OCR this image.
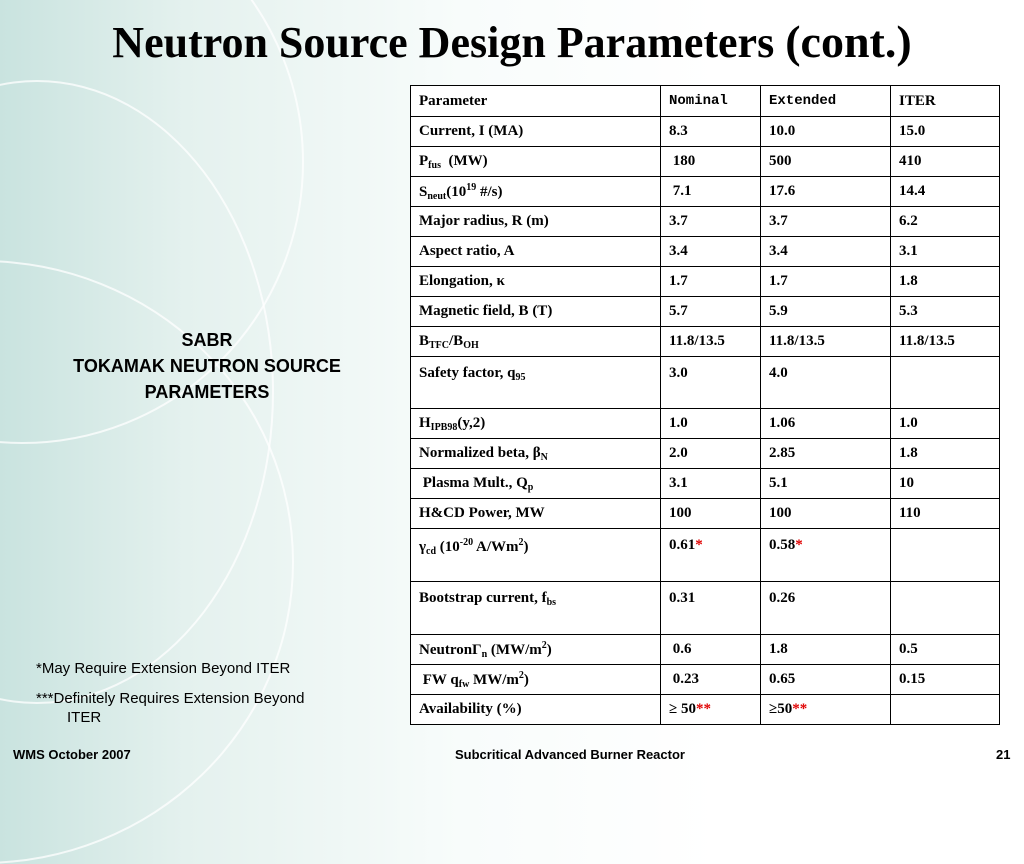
Neutron Source Design Parameters (cont.)
Parameter	Nominal	Extended	ITER
Current, I (MA)	8.3	10.0	15.0
$P_{fus}$ (MW)	180	500	410
$S_{neut}(10^{19}$ #/s)	7.1	17.6	14.4
Major radius, R (m)	3.7	3.7	6.2
Aspect ratio, A	3.4	3.4	3.1
Elongation, κ	1.7	1.7	1.8
Magnetic field, B (T)	5.7	5.9	5.3
$B_{TFC}/B_{OH}$	11.8/13.5	11.8/13.5	11.8/13.5
Safety factor, $q_{95}$	3.0	4.0	
$H_{IPB98}(y,2)$	1.0	1.06	1.0
Normalized beta, $\beta_N$	2.0	2.85	1.8
Plasma Mult., $Q_p$	3.1	5.1	10
H&CD Power, MW	100	100	110
$\gamma_{cd}$ ($10^{-20}$ A/Wm$^2$)	0.61*	0.58*	
Bootstrap current, $f_{bs}$	0.31	0.26	
NeutronΓ$_n$ $(MW/m^2)$	0.6	1.8	0.5
FW $q_{fw}$ $MW/m^2$)	0.23	0.65	0.15
Availability (%)	≥ 50**	≥50**	
SABR
TOKAMAK NEUTRON SOURCE
PARAMETERS

*May Require Extension Beyond ITER

***Definitely Requires Extension Beyond
ITER

WMS October 2007	Subcritical Advanced Burner Reactor	21
